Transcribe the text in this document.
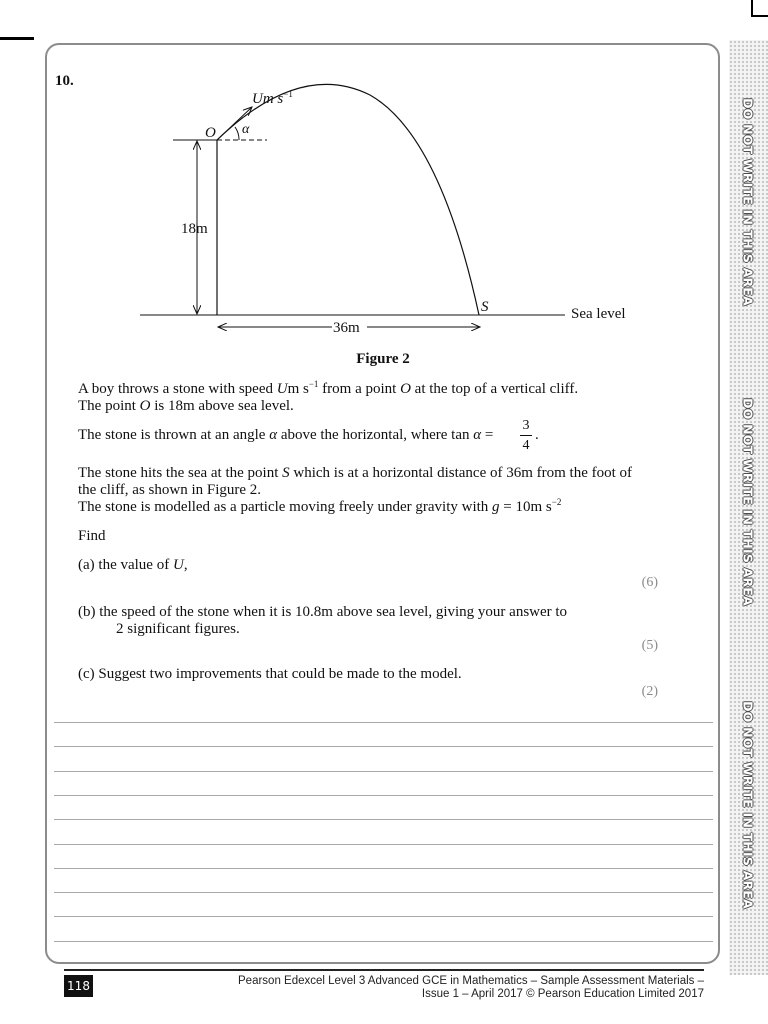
DO NOT WRITE IN THIS AREA
DO NOT WRITE IN THIS AREA
DO NOT WRITE IN THIS AREA
10.
Um $s^{-1}$
O α
18m
36m
S	Sea level
Figure 2
A boy throws a stone with speed Um $s^{-1}$ from a point O at the top of a vertical cliff.
The point O is 18m above sea level.
The stone is thrown at an angle α above the horizontal, where tan α =
3
4
.
The stone hits the sea at the point S which is at a horizontal distance of 36m from the foot of
the cliff, as shown in Figure 2.
The stone is modelled as a particle moving freely under gravity with g = 10m $s^{-2}$
Find
(a) the value of U,
(6)
(b) the speed of the stone when it is 10.8m above sea level, giving your answer to
2 significant figures.
(5)
(c) Suggest two improvements that could be made to the model.
(2)
118	Pearson Edexcel Level 3 Advanced GCE in Mathematics – Sample Assessment Materials –
Issue 1 – April 2017 © Pearson Education Limited 2017
